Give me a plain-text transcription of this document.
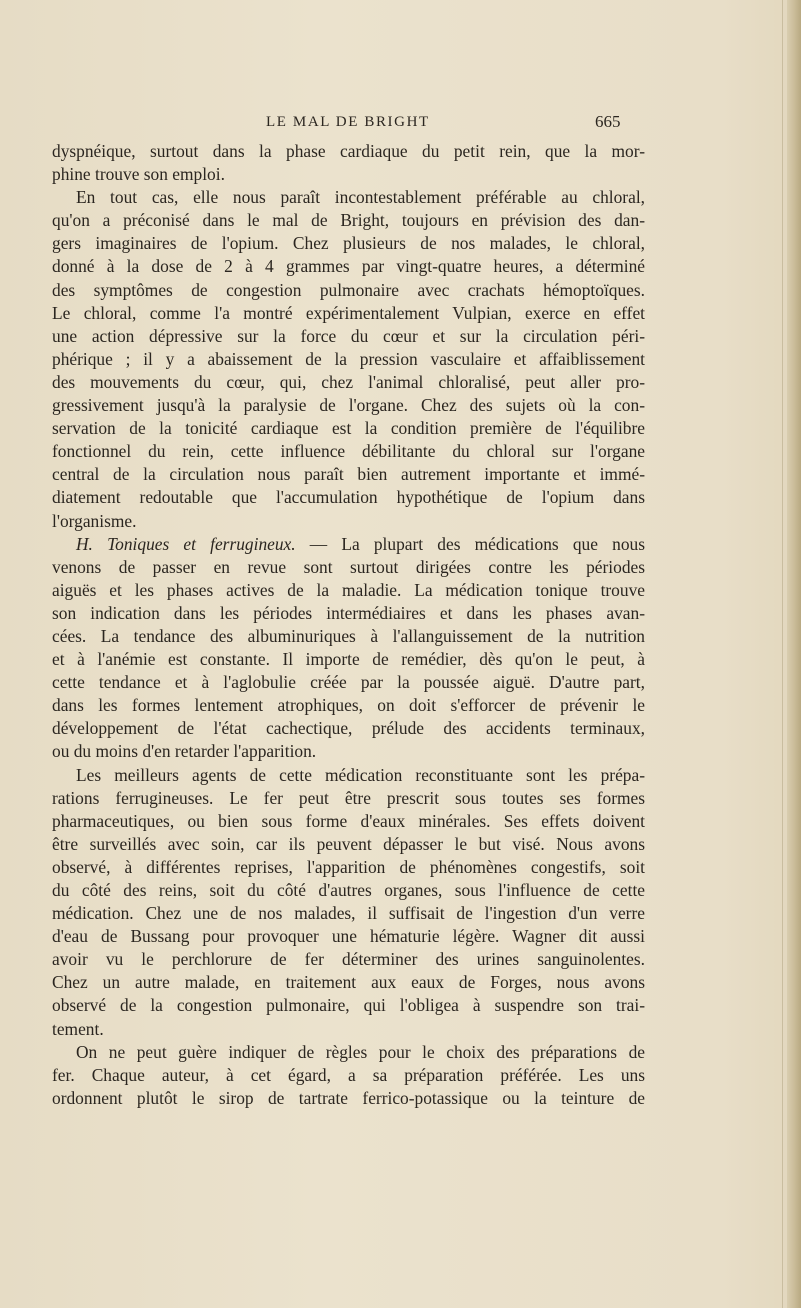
LE MAL DE BRIGHT	665
dyspnéique, surtout dans la phase cardiaque du petit rein, que la mor-
phine trouve son emploi.
En tout cas, elle nous paraît incontestablement préférable au chloral,
qu'on a préconisé dans le mal de Bright, toujours en prévision des dan-
gers imaginaires de l'opium. Chez plusieurs de nos malades, le chloral,
donné à la dose de 2 à 4 grammes par vingt-quatre heures, a déterminé
des symptômes de congestion pulmonaire avec crachats hémoptoïques.
Le chloral, comme l'a montré expérimentalement Vulpian, exerce en effet
une action dépressive sur la force du cœur et sur la circulation péri-
phérique ; il y a abaissement de la pression vasculaire et affaiblissement
des mouvements du cœur, qui, chez l'animal chloralisé, peut aller pro-
gressivement jusqu'à la paralysie de l'organe. Chez des sujets où la con-
servation de la tonicité cardiaque est la condition première de l'équilibre
fonctionnel du rein, cette influence débilitante du chloral sur l'organe
central de la circulation nous paraît bien autrement importante et immé-
diatement redoutable que l'accumulation hypothétique de l'opium dans
l'organisme.
H. Toniques et ferrugineux. — La plupart des médications que nous
venons de passer en revue sont surtout dirigées contre les périodes
aiguës et les phases actives de la maladie. La médication tonique trouve
son indication dans les périodes intermédiaires et dans les phases avan-
cées. La tendance des albuminuriques à l'allanguissement de la nutrition
et à l'anémie est constante. Il importe de remédier, dès qu'on le peut, à
cette tendance et à l'aglobulie créée par la poussée aiguë. D'autre part,
dans les formes lentement atrophiques, on doit s'efforcer de prévenir le
développement de l'état cachectique, prélude des accidents terminaux,
ou du moins d'en retarder l'apparition.
Les meilleurs agents de cette médication reconstituante sont les prépa-
rations ferrugineuses. Le fer peut être prescrit sous toutes ses formes
pharmaceutiques, ou bien sous forme d'eaux minérales. Ses effets doivent
être surveillés avec soin, car ils peuvent dépasser le but visé. Nous avons
observé, à différentes reprises, l'apparition de phénomènes congestifs, soit
du côté des reins, soit du côté d'autres organes, sous l'influence de cette
médication. Chez une de nos malades, il suffisait de l'ingestion d'un verre
d'eau de Bussang pour provoquer une hématurie légère. Wagner dit aussi
avoir vu le perchlorure de fer déterminer des urines sanguinolentes.
Chez un autre malade, en traitement aux eaux de Forges, nous avons
observé de la congestion pulmonaire, qui l'obligea à suspendre son trai-
tement.
On ne peut guère indiquer de règles pour le choix des préparations de
fer. Chaque auteur, à cet égard, a sa préparation préférée. Les uns
ordonnent plutôt le sirop de tartrate ferrico-potassique ou la teinture de
